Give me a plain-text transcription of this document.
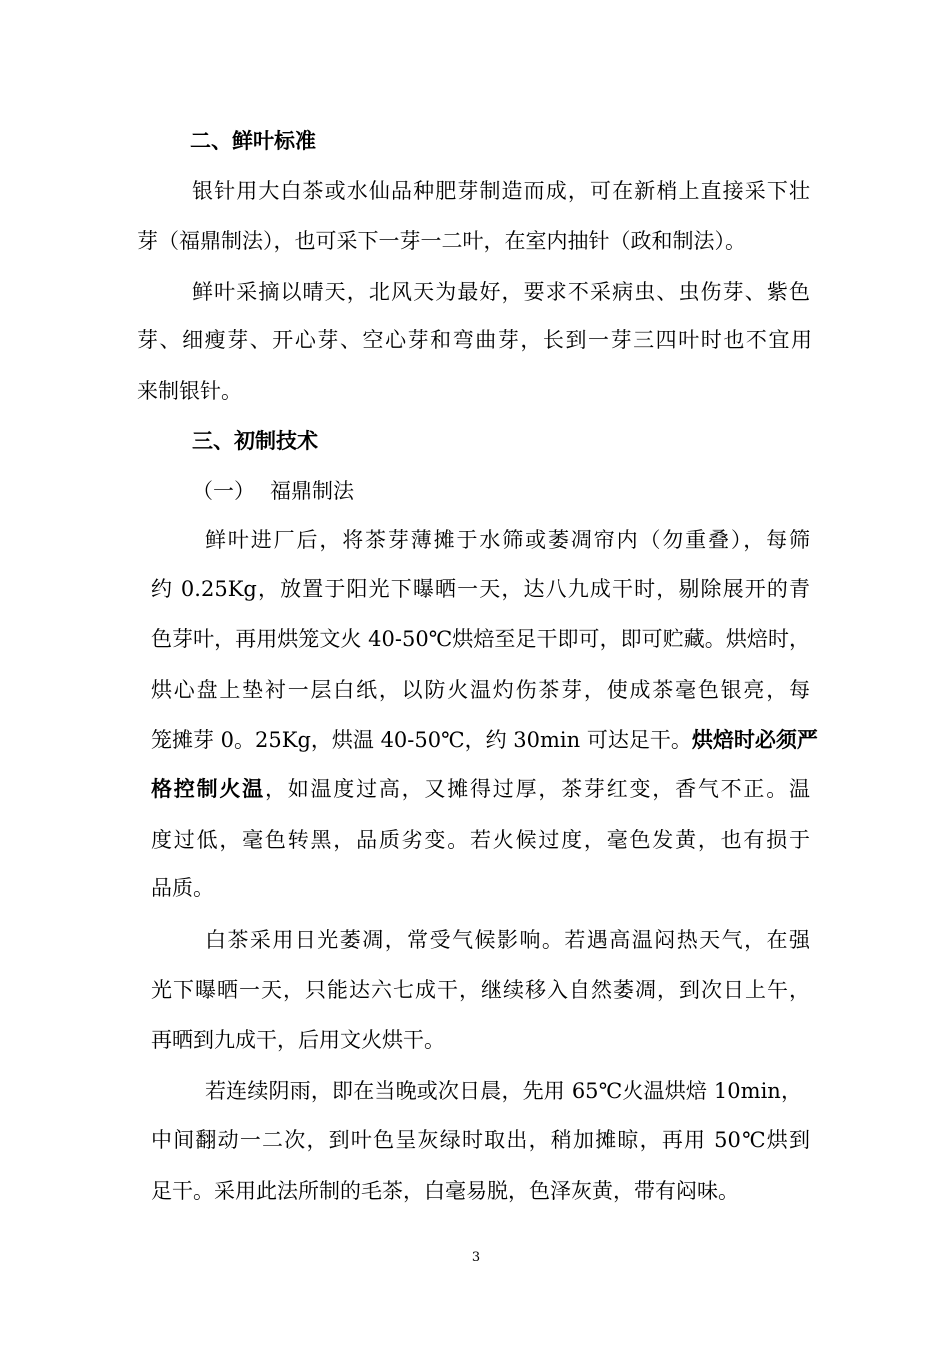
二、鲜叶标准
银针用大白茶或水仙品种肥芽制造而成，可在新梢上直接采下壮
芽（福鼎制法），也可采下一芽一二叶，在室内抽针（政和制法）。
鲜叶采摘以晴天，北风天为最好，要求不采病虫、虫伤芽、紫色
芽、细瘦芽、开心芽、空心芽和弯曲芽，长到一芽三四叶时也不宜用
来制银针。
三、初制技术
（一） 福鼎制法
鲜叶进厂后，将茶芽薄摊于水筛或萎凋帘内（勿重叠），每筛
约 0.25Kg，放置于阳光下曝晒一天，达八九成干时，剔除展开的青
色芽叶，再用烘笼文火 40-50℃烘焙至足干即可，即可贮藏。烘焙时，
烘心盘上垫衬一层白纸，以防火温灼伤茶芽，使成茶毫色银亮，每
笼摊芽 0。25Kg，烘温 40-50℃，约 30min 可达足干。烘焙时必须严
格控制火温，如温度过高，又摊得过厚，茶芽红变，香气不正。温
度过低，毫色转黑，品质劣变。若火候过度，毫色发黄，也有损于
品质。
白茶采用日光萎凋，常受气候影响。若遇高温闷热天气，在强
光下曝晒一天，只能达六七成干，继续移入自然萎凋，到次日上午，
再晒到九成干，后用文火烘干。
若连续阴雨，即在当晚或次日晨，先用 65℃火温烘焙 10min，
中间翻动一二次，到叶色呈灰绿时取出，稍加摊晾，再用 50℃烘到
足干。采用此法所制的毛茶，白毫易脱，色泽灰黄，带有闷味。
3
